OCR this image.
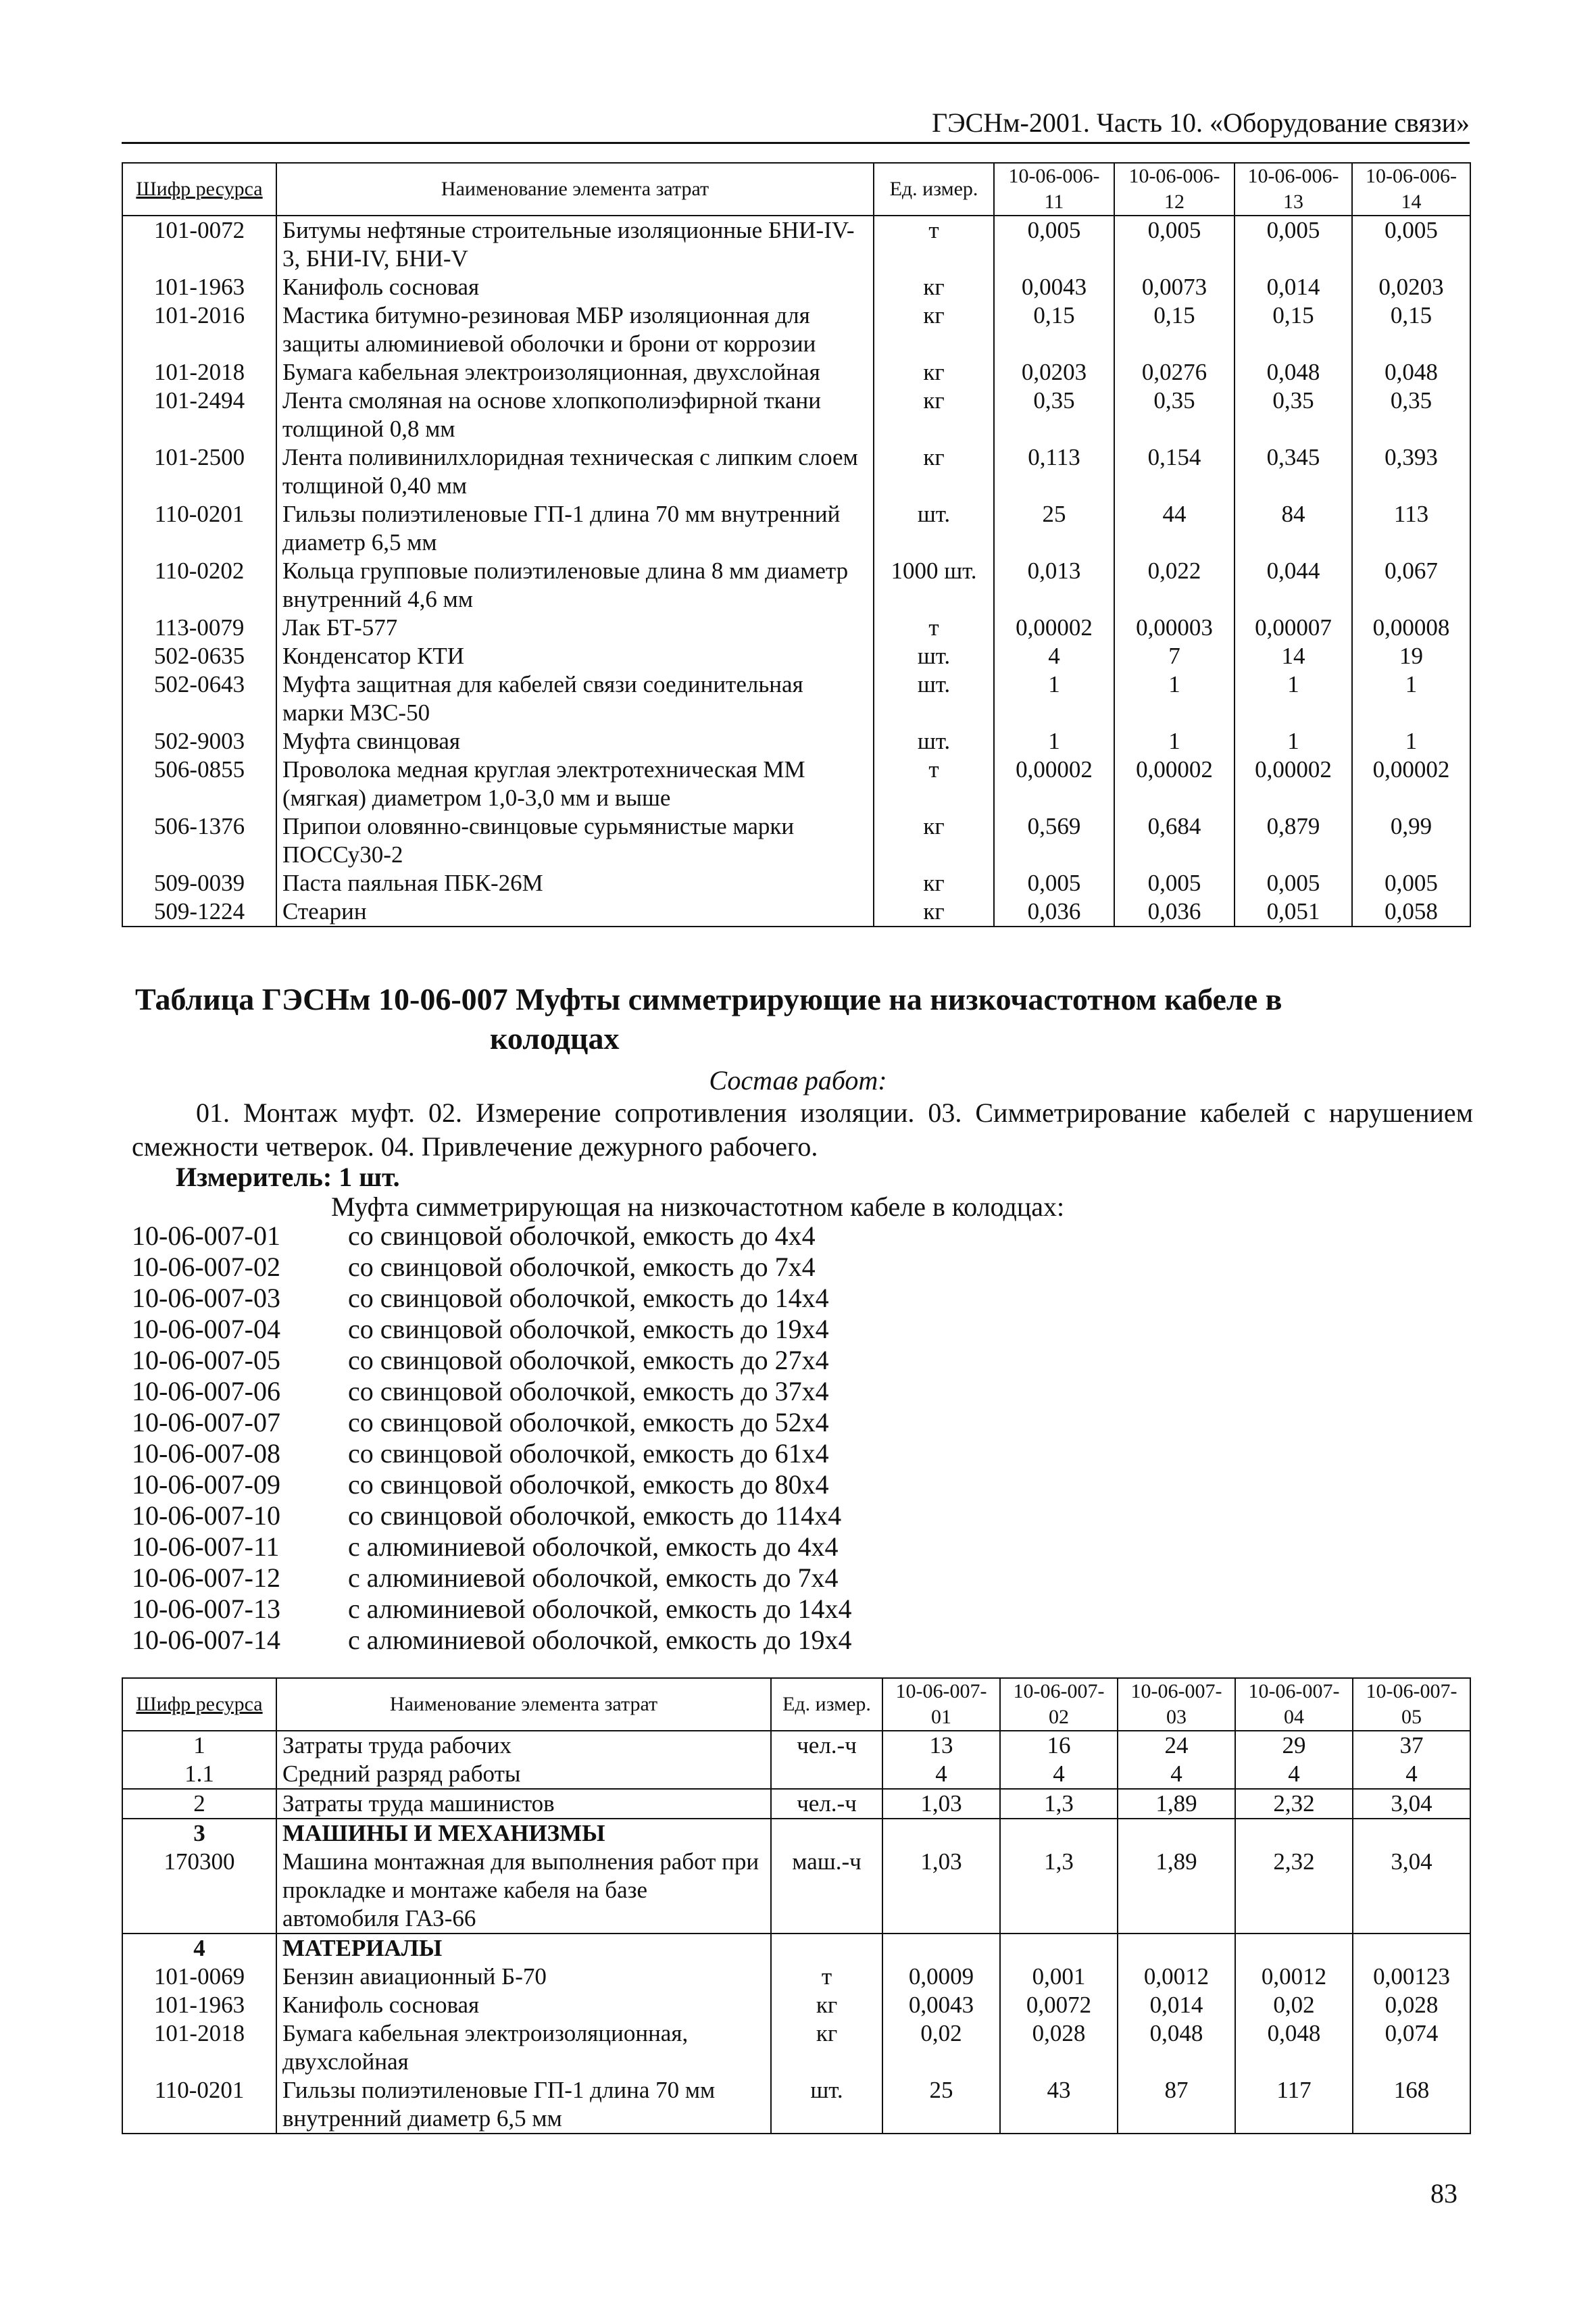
ГЭСНм-2001. Часть 10. «Оборудование связи»
Шифр ресурса	Наименование элемента затрат	Ед. измер.	10-06-006-11	10-06-006-12	10-06-006-13	10-06-006-14
101-0072	Битумы нефтяные строительные изоляционные БНИ-IV-3, БНИ-IV, БНИ-V	т	0,005	0,005	0,005	0,005
101-1963	Канифоль сосновая	кг	0,0043	0,0073	0,014	0,0203
101-2016	Мастика битумно-резиновая МБР изоляционная для защиты алюминиевой оболочки и брони от коррозии	кг	0,15	0,15	0,15	0,15
101-2018	Бумага кабельная электроизоляционная, двухслойная	кг	0,0203	0,0276	0,048	0,048
101-2494	Лента смоляная на основе хлопкополиэфирной ткани толщиной 0,8 мм	кг	0,35	0,35	0,35	0,35
101-2500	Лента поливинилхлоридная техническая с липким слоем толщиной 0,40 мм	кг	0,113	0,154	0,345	0,393
110-0201	Гильзы полиэтиленовые ГП-1 длина 70 мм внутренний диаметр 6,5 мм	шт.	25	44	84	113
110-0202	Кольца групповые полиэтиленовые длина 8 мм диаметр внутренний 4,6 мм	1000 шт.	0,013	0,022	0,044	0,067
113-0079	Лак БТ-577	т	0,00002	0,00003	0,00007	0,00008
502-0635	Конденсатор КТИ	шт.	4	7	14	19
502-0643	Муфта защитная для кабелей связи соединительная марки МЗС-50	шт.	1	1	1	1
502-9003	Муфта свинцовая	шт.	1	1	1	1
506-0855	Проволока медная круглая электротехническая ММ (мягкая) диаметром 1,0-3,0 мм и выше	т	0,00002	0,00002	0,00002	0,00002
506-1376	Припои оловянно-свинцовые сурьмянистые марки ПОССу30-2	кг	0,569	0,684	0,879	0,99
509-0039	Паста паяльная ПБК-26М	кг	0,005	0,005	0,005	0,005
509-1224	Стеарин	кг	0,036	0,036	0,051	0,058
Таблица ГЭСНм 10-06-007 Муфты симметрирующие на низкочастотном кабеле в
колодцах
Состав работ:
01. Монтаж муфт. 02. Измерение сопротивления изоляции. 03. Симметрирование кабелей с нарушением смежности четверок. 04. Привлечение дежурного рабочего.
Измеритель: 1 шт.
Муфта симметрирующая на низкочастотном кабеле в колодцах:
10-06-007-01	со свинцовой оболочкой, емкость до 4х4
10-06-007-02	со свинцовой оболочкой, емкость до 7х4
10-06-007-03	со свинцовой оболочкой, емкость до 14х4
10-06-007-04	со свинцовой оболочкой, емкость до 19х4
10-06-007-05	со свинцовой оболочкой, емкость до 27х4
10-06-007-06	со свинцовой оболочкой, емкость до 37х4
10-06-007-07	со свинцовой оболочкой, емкость до 52х4
10-06-007-08	со свинцовой оболочкой, емкость до 61х4
10-06-007-09	со свинцовой оболочкой, емкость до 80х4
10-06-007-10	со свинцовой оболочкой, емкость до 114х4
10-06-007-11	с алюминиевой оболочкой, емкость до 4х4
10-06-007-12	с алюминиевой оболочкой, емкость до 7х4
10-06-007-13	с алюминиевой оболочкой, емкость до 14х4
10-06-007-14	с алюминиевой оболочкой, емкость до 19х4
Шифр ресурса	Наименование элемента затрат	Ед. измер.	10-06-007-01	10-06-007-02	10-06-007-03	10-06-007-04	10-06-007-05
1	Затраты труда рабочих	чел.-ч	13	16	24	29	37
1.1	Средний разряд работы		4	4	4	4	4
2	Затраты труда машинистов	чел.-ч	1,03	1,3	1,89	2,32	3,04
3	МАШИНЫ И МЕХАНИЗМЫ						
170300	Машина монтажная для выполнения работ при прокладке и монтаже кабеля на базе автомобиля ГАЗ-66	маш.-ч	1,03	1,3	1,89	2,32	3,04
4	МАТЕРИАЛЫ						
101-0069	Бензин авиационный Б-70	т	0,0009	0,001	0,0012	0,0012	0,00123
101-1963	Канифоль сосновая	кг	0,0043	0,0072	0,014	0,02	0,028
101-2018	Бумага кабельная электроизоляционная, двухслойная	кг	0,02	0,028	0,048	0,048	0,074
110-0201	Гильзы полиэтиленовые ГП-1 длина 70 мм внутренний диаметр 6,5 мм	шт.	25	43	87	117	168
83
